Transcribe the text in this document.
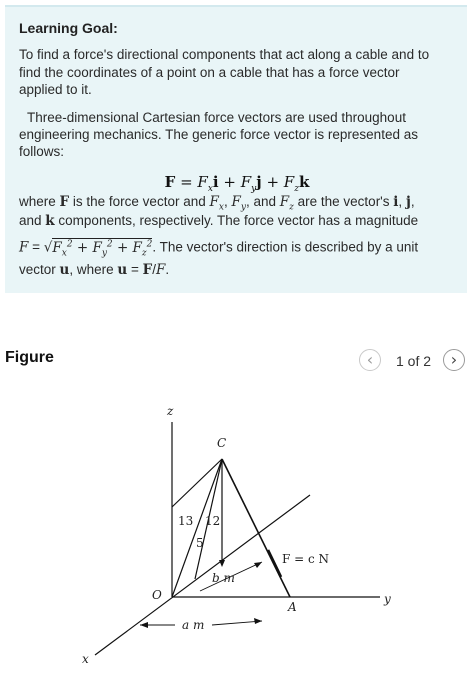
Learning Goal:
To find a force's directional components that act along a cable and to
find the coordinates of a point on a cable that has a force vector
applied to it.
Three-dimensional Cartesian force vectors are used throughout
engineering mechanics. The generic force vector is represented as
follows:
$F = F_xi + F_yj + F_zk$
where F is the force vector and $F_x$, $F_y$, and $F_z$ are the vector's i, j,
and k components, respectively. The force vector has a magnitude
$F = √F_x^2 + F_y^2 + F_z^2$. The vector's direction is described by a unit
vector u, where u = F/F.
Figure	‹	1 of 2	›
z
y
x
O
C
A
b m
a m
13 12
5
F = c N
